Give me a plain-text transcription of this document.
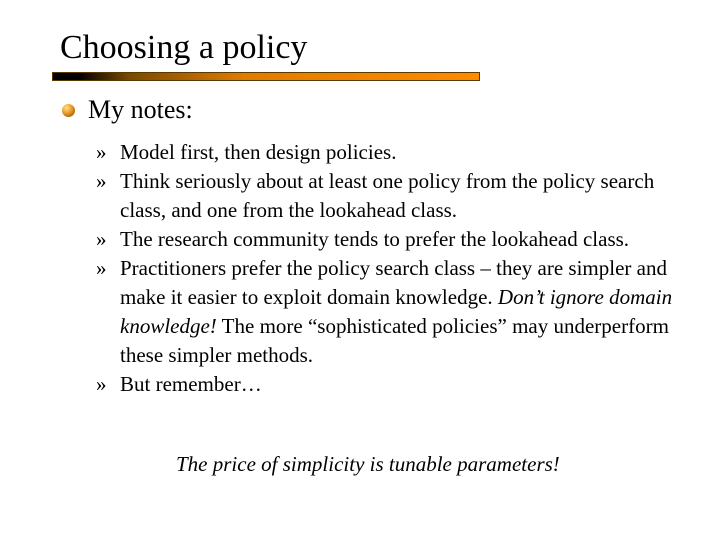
Choosing a policy
My notes:
» Model first, then design policies.
» Think seriously about at least one policy from the policy search class, and one from the lookahead class.
» The research community tends to prefer the lookahead class.
» Practitioners prefer the policy search class – they are simpler and make it easier to exploit domain knowledge. Don’t ignore domain knowledge! The more “sophisticated policies” may underperform these simpler methods.
» But remember…
The price of simplicity is tunable parameters!
